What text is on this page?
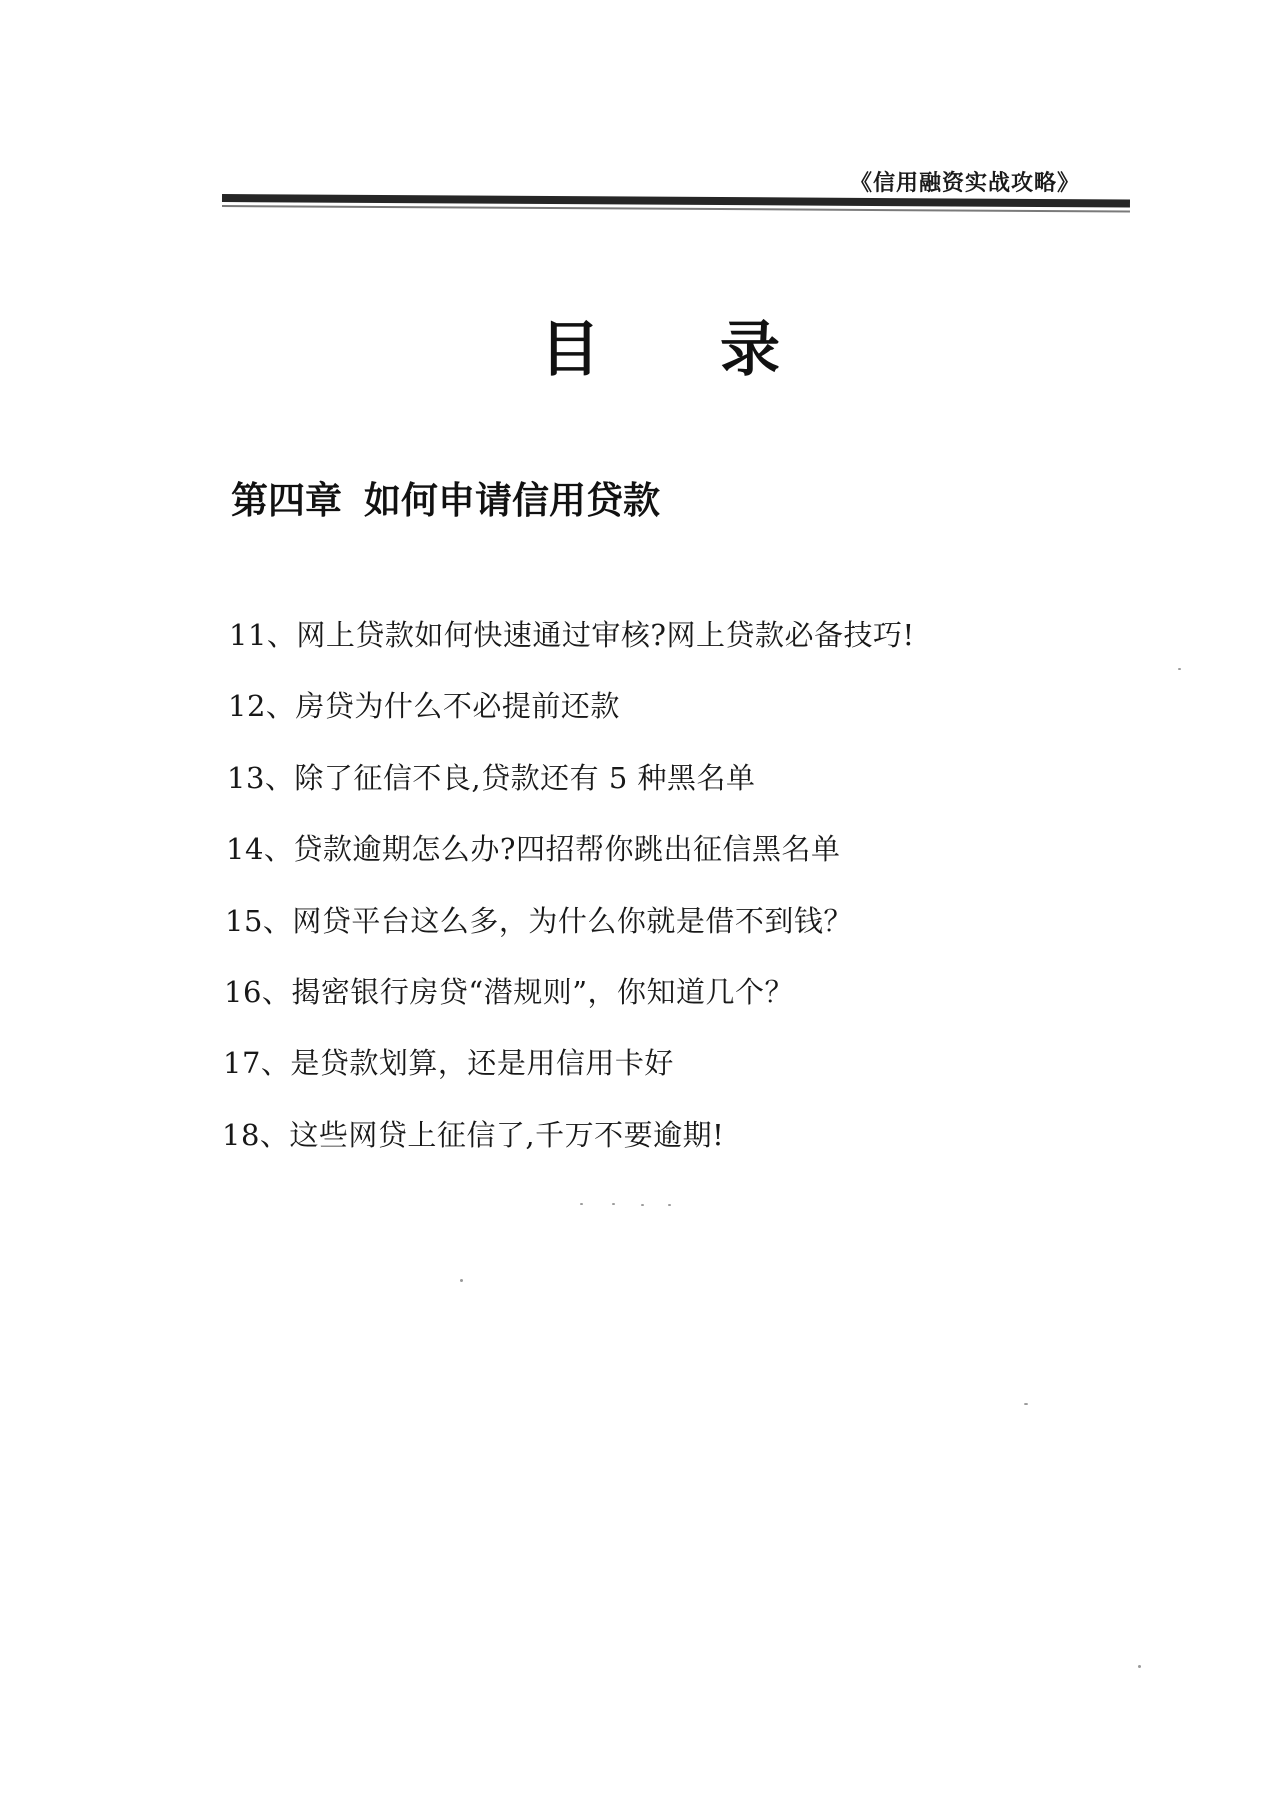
《信用融资实战攻略》
目录
第四章 如何申请信用贷款
11、网上贷款如何快速通过审核?网上贷款必备技巧!
12、房贷为什么不必提前还款
13、除了征信不良,贷款还有 5 种黑名单
14、贷款逾期怎么办?四招帮你跳出征信黑名单
15、网贷平台这么多，为什么你就是借不到钱？
16、揭密银行房贷“潜规则”，你知道几个？
17、是贷款划算，还是用信用卡好
18、这些网贷上征信了,千万不要逾期!
